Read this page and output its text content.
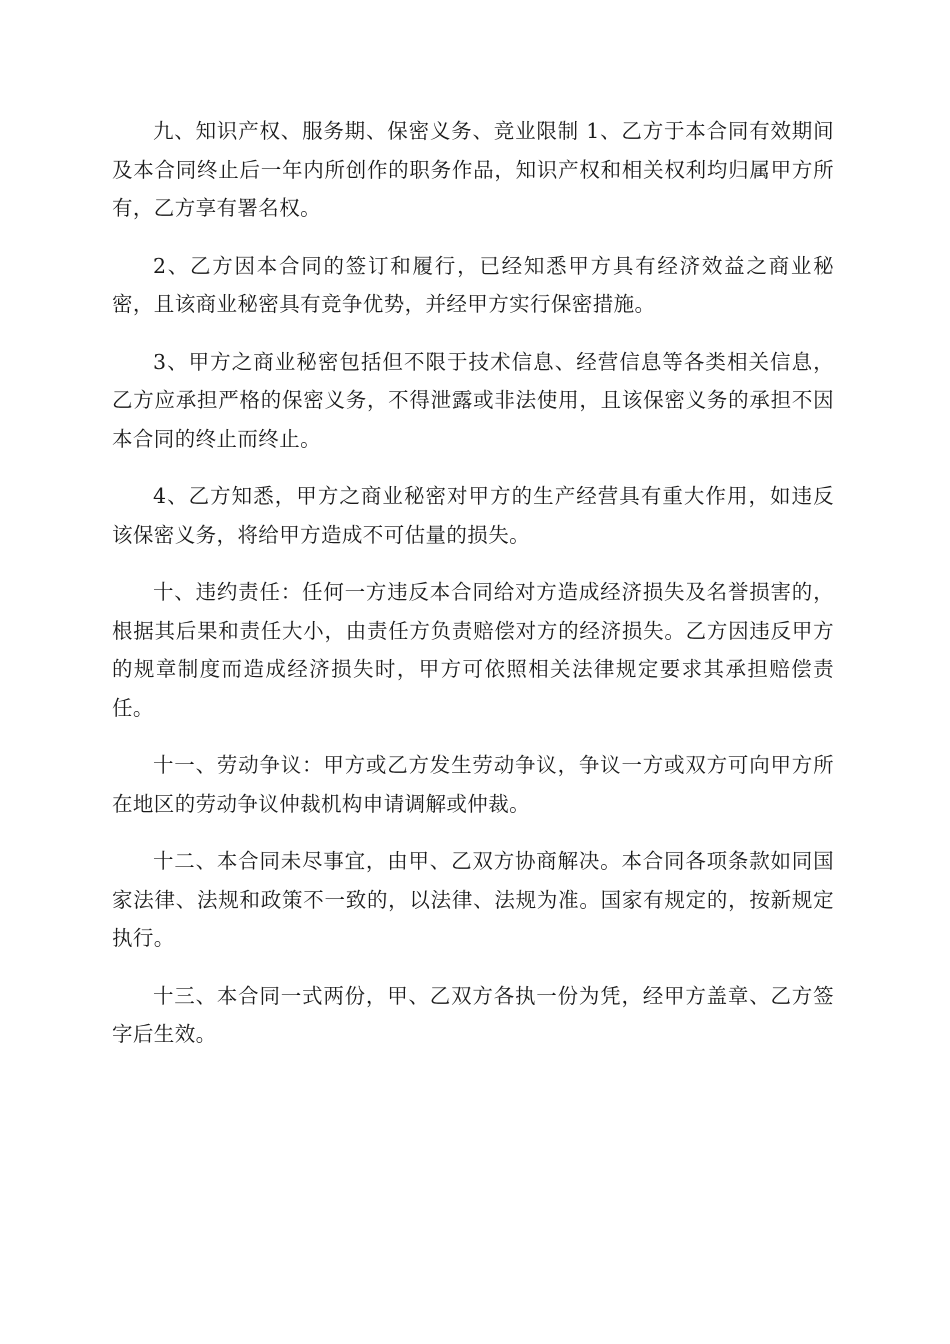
九、知识产权、服务期、保密义务、竞业限制 1、乙方于本合同有效期间及本合同终止后一年内所创作的职务作品，知识产权和相关权利均归属甲方所有，乙方享有署名权。

2、乙方因本合同的签订和履行，已经知悉甲方具有经济效益之商业秘密，且该商业秘密具有竞争优势，并经甲方实行保密措施。

3、甲方之商业秘密包括但不限于技术信息、经营信息等各类相关信息，乙方应承担严格的保密义务，不得泄露或非法使用，且该保密义务的承担不因本合同的终止而终止。

4、乙方知悉，甲方之商业秘密对甲方的生产经营具有重大作用，如违反该保密义务，将给甲方造成不可估量的损失。

十、违约责任：任何一方违反本合同给对方造成经济损失及名誉损害的，根据其后果和责任大小，由责任方负责赔偿对方的经济损失。乙方因违反甲方的规章制度而造成经济损失时，甲方可依照相关法律规定要求其承担赔偿责任。

十一、劳动争议：甲方或乙方发生劳动争议，争议一方或双方可向甲方所在地区的劳动争议仲裁机构申请调解或仲裁。

十二、本合同未尽事宜，由甲、乙双方协商解决。本合同各项条款如同国家法律、法规和政策不一致的，以法律、法规为准。国家有规定的，按新规定执行。

十三、本合同一式两份，甲、乙双方各执一份为凭，经甲方盖章、乙方签字后生效。
